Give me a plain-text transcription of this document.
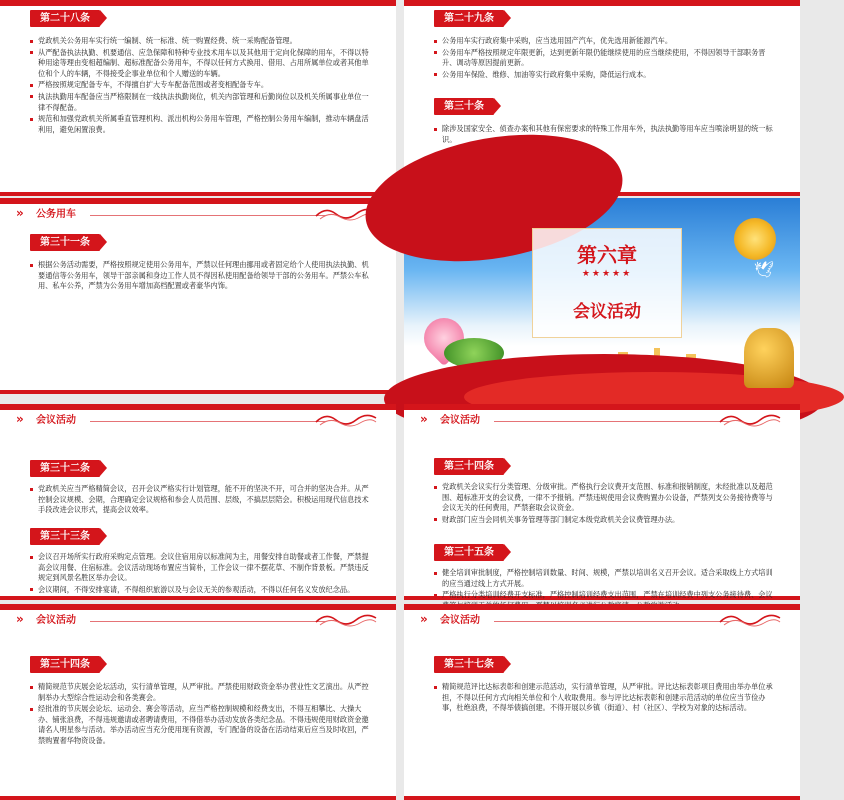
第二十八条
党政机关公务用车实行统一编制、统一标准、统一购置经费、统一采购配备管理。
从严配备执法执勤、机要通信、应急保障和特种专业技术用车以及其他用于定向化保障的用车，不得以特种用途等理由变相超编制、超标准配备公务用车，不得以任何方式换用、借用、占用所属单位或者其他单位和个人的车辆，不得接受企事业单位和个人赠送的车辆。
严格按照规定配备专车，不得擅自扩大专车配备范围或者变相配备专车。
执法执勤用车配备应当严格限制在一线执法执勤岗位，机关内部管理和后勤岗位以及机关所属事业单位一律不得配备。
规范和加强党政机关所属垂直管理机构、派出机构公务用车管理，严格控制公务用车编制，推动车辆盘活利用，避免闲置浪费。
第二十九条
公务用车实行政府集中采购，应当选用国产汽车，优先选用新能源汽车。
公务用车严格按照规定年限更新，达到更新年限仍能继续使用的应当继续使用，不得因领导干部职务晋升、调动等原因提前更新。
公务用车保险、维修、加油等实行政府集中采购，降低运行成本。
第三十条
除涉及国家安全、侦查办案和其他有保密要求的特殊工作用车外，执法执勤等用车应当喷涂明显的统一标识。
» 公务用车
第三十一条
根据公务活动需要，严格按照规定使用公务用车，严禁以任何理由挪用或者固定给个人使用执法执勤、机要通信等公务用车，领导干部亲属和身边工作人员不得因私使用配备给领导干部的公务用车。严禁公车私用、私车公养，严禁为公务用车增加高档配置或者豪华内饰。
🕊
第六章
★★★★★
会议活动
» 会议活动
第三十二条
党政机关应当严格精简会议，召开会议严格实行计划管理，能不开的坚决不开，可合并的坚决合并。从严控制会议规模、会期，合理确定会议规格和参会人员范围、层级，不搞层层陪会。积极运用现代信息技术手段改进会议形式，提高会议效率。
第三十三条
会议召开场所实行政府采购定点管理。会议住宿用房以标准间为主，用餐安排自助餐或者工作餐，严禁提高会议用餐、住宿标准。会议活动现场布置应当简朴，工作会议一律不摆花草、不制作背景板。严禁违反规定到风景名胜区举办会议。
会议期间，不得安排宴请，不得组织旅游以及与会议无关的参观活动，不得以任何名义发放纪念品。
» 会议活动
第三十四条
党政机关会议实行分类管理、分级审批。严格执行会议费开支范围、标准和报销制度，未经批准以及超范围、超标准开支的会议费，一律不予报销。严禁违规使用会议费购置办公设备，严禁列支公务接待费等与会议无关的任何费用，严禁套取会议资金。
财政部门应当会同机关事务管理等部门制定本级党政机关会议费管理办法。
第三十五条
健全培训审批制度，严格控制培训数量、时间、规模，严禁以培训名义召开会议。适合采取线上方式培训的应当通过线上方式开展。
严格执行分类培训经费开支标准，严格控制培训经费支出范围，严禁在培训经费中列支公务接待费、会议
» 会议活动
第三十四条
精简规范节庆展会论坛活动，实行清单管理，从严审批。严禁使用财政资金举办营业性文艺演出。从严控制举办大型综合性运动会和各类赛会。
经批准的节庆展会论坛、运动会、赛会等活动，应当严格控制规模和经费支出，不得互相攀比、大操大办、铺张浪费，不得违规邀请或者聘请费用，不得借举办活动发放各类纪念品。不得违规使用财政资金邀请名人明星参与活动。举办活动应当充分使用现有资源，专门配备的设备在活动结束后应当及时收回，严禁购置奢华物资设备。
» 会议活动
第三十七条
精简规范评比达标表彰和创建示范活动，实行清单管理，从严审批。评比达标表彰项目费用由举办单位承担，不得以任何方式向相关单位和个人收取费用。参与评比达标表彰和创建示范活动的单位应当节俭办事，杜绝浪费，不得举债搞创建。不得开展以乡镇（街道）、村（社区）、学校为对象的达标活动。
